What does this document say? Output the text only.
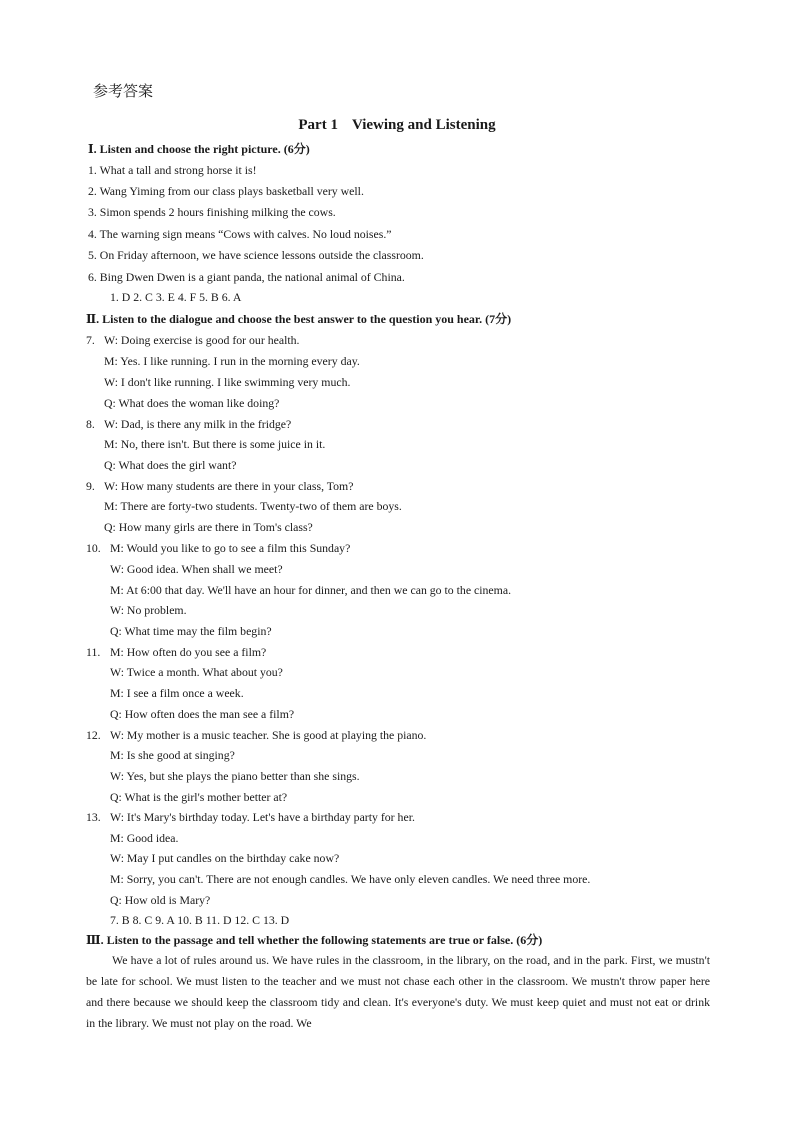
参考答案
Part 1 Viewing and Listening
Ⅰ. Listen and choose the right picture. (6分)
1. What a tall and strong horse it is!
2. Wang Yiming from our class plays basketball very well.
3. Simon spends 2 hours finishing milking the cows.
4. The warning sign means “Cows with calves. No loud noises.”
5. On Friday afternoon, we have science lessons outside the classroom.
6. Bing Dwen Dwen is a giant panda, the national animal of China.
1. D 2. C 3. E 4. F 5. B 6. A
Ⅱ. Listen to the dialogue and choose the best answer to the question you hear. (7分)
7. W: Doing exercise is good for our health.
M: Yes. I like running. I run in the morning every day.
W: I don't like running. I like swimming very much.
Q: What does the woman like doing?
8. W: Dad, is there any milk in the fridge?
M: No, there isn't. But there is some juice in it.
Q: What does the girl want?
9. W: How many students are there in your class, Tom?
M: There are forty-two students. Twenty-two of them are boys.
Q: How many girls are there in Tom's class?
10. M: Would you like to go to see a film this Sunday?
W: Good idea. When shall we meet?
M: At 6:00 that day. We'll have an hour for dinner, and then we can go to the cinema.
W: No problem.
Q: What time may the film begin?
11. M: How often do you see a film?
W: Twice a month. What about you?
M: I see a film once a week.
Q: How often does the man see a film?
12. W: My mother is a music teacher. She is good at playing the piano.
M: Is she good at singing?
W: Yes, but she plays the piano better than she sings.
Q: What is the girl's mother better at?
13. W: It's Mary's birthday today. Let's have a birthday party for her.
M: Good idea.
W: May I put candles on the birthday cake now?
M: Sorry, you can't. There are not enough candles. We have only eleven candles. We need three more.
Q: How old is Mary?
7. B 8. C 9. A 10. B 11. D 12. C 13. D
Ⅲ. Listen to the passage and tell whether the following statements are true or false. (6分)
We have a lot of rules around us. We have rules in the classroom, in the library, on the road, and in the park. First, we mustn't be late for school. We must listen to the teacher and we must not chase each other in the classroom. We mustn't throw paper here and there because we should keep the classroom tidy and clean. It's everyone's duty. We must keep quiet and must not eat or drink in the library. We must not play on the road. We
